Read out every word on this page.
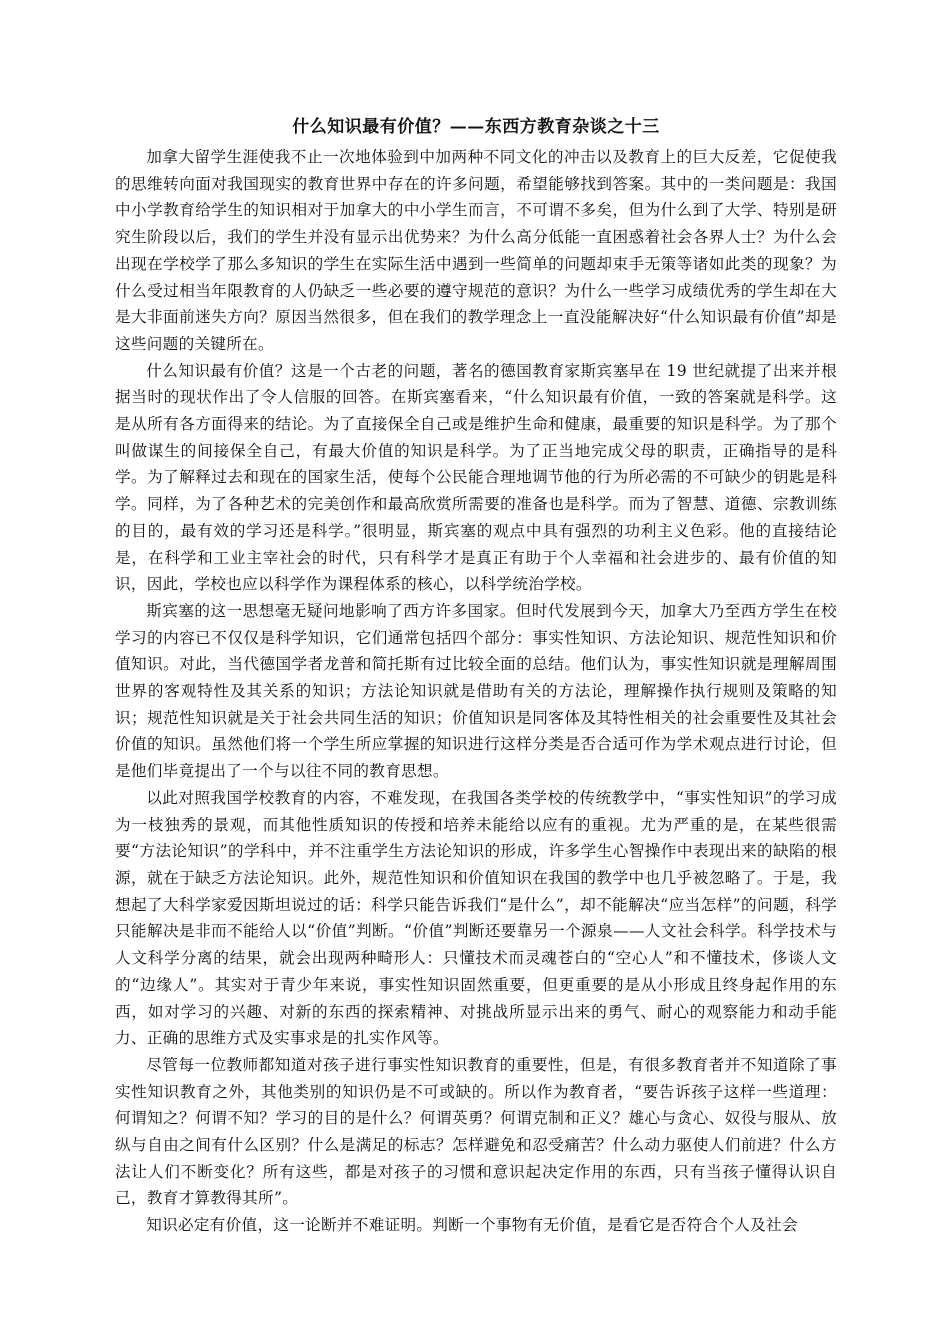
什么知识最有价值？——东西方教育杂谈之十三

加拿大留学生涯使我不止一次地体验到中加两种不同文化的冲击以及教育上的巨大反差，它促使我的思维转向面对我国现实的教育世界中存在的许多问题，希望能够找到答案。其中的一类问题是：我国中小学教育给学生的知识相对于加拿大的中小学生而言，不可谓不多矣，但为什么到了大学、特别是研究生阶段以后，我们的学生并没有显示出优势来？为什么高分低能一直困惑着社会各界人士？为什么会出现在学校学了那么多知识的学生在实际生活中遇到一些简单的问题却束手无策等诸如此类的现象？为什么受过相当年限教育的人仍缺乏一些必要的遵守规范的意识？为什么一些学习成绩优秀的学生却在大是大非面前迷失方向？原因当然很多，但在我们的教学理念上一直没能解决好“什么知识最有价值”却是这些问题的关键所在。

什么知识最有价值？这是一个古老的问题，著名的德国教育家斯宾塞早在 19 世纪就提了出来并根据当时的现状作出了令人信服的回答。在斯宾塞看来，“什么知识最有价值，一致的答案就是科学。这是从所有各方面得来的结论。为了直接保全自己或是维护生命和健康，最重要的知识是科学。为了那个叫做谋生的间接保全自己，有最大价值的知识是科学。为了正当地完成父母的职责，正确指导的是科学。为了解释过去和现在的国家生活，使每个公民能合理地调节他的行为所必需的不可缺少的钥匙是科学。同样，为了各种艺术的完美创作和最高欣赏所需要的准备也是科学。而为了智慧、道德、宗教训练的目的，最有效的学习还是科学。”很明显，斯宾塞的观点中具有强烈的功利主义色彩。他的直接结论是，在科学和工业主宰社会的时代，只有科学才是真正有助于个人幸福和社会进步的、最有价值的知识，因此，学校也应以科学作为课程体系的核心，以科学统治学校。

斯宾塞的这一思想毫无疑问地影响了西方许多国家。但时代发展到今天，加拿大乃至西方学生在校学习的内容已不仅仅是科学知识，它们通常包括四个部分：事实性知识、方法论知识、规范性知识和价值知识。对此，当代德国学者龙普和简托斯有过比较全面的总结。他们认为，事实性知识就是理解周围世界的客观特性及其关系的知识；方法论知识就是借助有关的方法论，理解操作执行规则及策略的知识；规范性知识就是关于社会共同生活的知识；价值知识是同客体及其特性相关的社会重要性及其社会价值的知识。虽然他们将一个学生所应掌握的知识进行这样分类是否合适可作为学术观点进行讨论，但是他们毕竟提出了一个与以往不同的教育思想。

以此对照我国学校教育的内容，不难发现，在我国各类学校的传统教学中，“事实性知识”的学习成为一枝独秀的景观，而其他性质知识的传授和培养未能给以应有的重视。尤为严重的是，在某些很需要“方法论知识”的学科中，并不注重学生方法论知识的形成，许多学生心智操作中表现出来的缺陷的根源，就在于缺乏方法论知识。此外，规范性知识和价值知识在我国的教学中也几乎被忽略了。于是，我想起了大科学家爱因斯坦说过的话：科学只能告诉我们“是什么”，却不能解决“应当怎样”的问题，科学只能解决是非而不能给人以“价值”判断。“价值”判断还要靠另一个源泉——人文社会科学。科学技术与人文科学分离的结果，就会出现两种畸形人：只懂技术而灵魂苍白的“空心人”和不懂技术，侈谈人文的“边缘人”。其实对于青少年来说，事实性知识固然重要，但更重要的是从小形成且终身起作用的东西，如对学习的兴趣、对新的东西的探索精神、对挑战所显示出来的勇气、耐心的观察能力和动手能力、正确的思维方式及实事求是的扎实作风等。

尽管每一位教师都知道对孩子进行事实性知识教育的重要性，但是，有很多教育者并不知道除了事实性知识教育之外，其他类别的知识仍是不可或缺的。所以作为教育者，“要告诉孩子这样一些道理：何谓知之？何谓不知？学习的目的是什么？何谓英勇？何谓克制和正义？雄心与贪心、奴役与服从、放纵与自由之间有什么区别？什么是满足的标志？怎样避免和忍受痛苦？什么动力驱使人们前进？什么方法让人们不断变化？所有这些，都是对孩子的习惯和意识起决定作用的东西，只有当孩子懂得认识自己，教育才算教得其所”。

知识必定有价值，这一论断并不难证明。判断一个事物有无价值，是看它是否符合个人及社会
